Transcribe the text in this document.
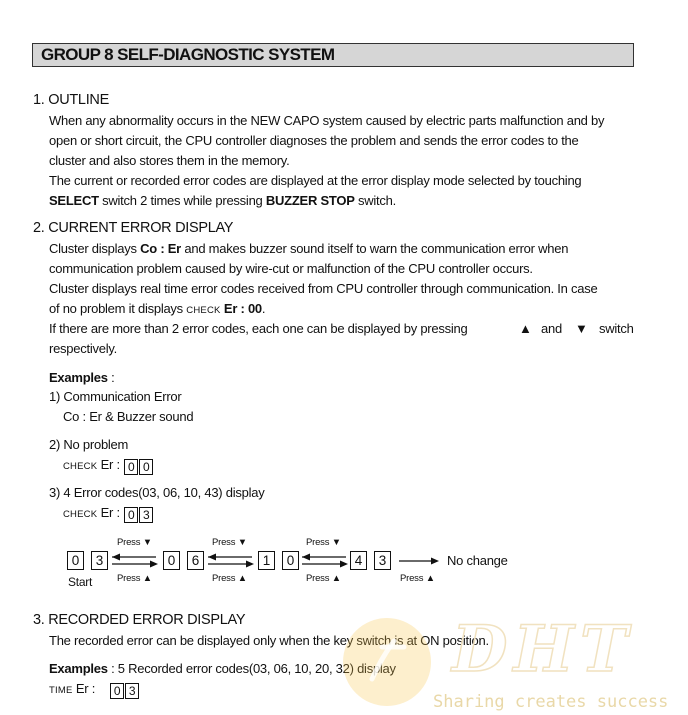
GROUP 8 SELF-DIAGNOSTIC SYSTEM
1. OUTLINE
When any abnormality occurs in the NEW CAPO system caused by electric parts malfunction and by
open or short circuit, the CPU controller diagnoses the problem and sends the error codes to the
cluster and also stores them in the memory.
The current or recorded error codes are displayed at the error display mode selected by touching
SELECT switch 2 times while pressing BUZZER STOP switch.
2. CURRENT ERROR DISPLAY
Cluster displays Co : Er and makes buzzer sound itself to warn the communication error when
communication problem caused by wire-cut or malfunction of the CPU controller occurs.
Cluster displays real time error codes received from CPU controller through communication. In case
of no problem it displays CHECK Er : 00.
If there are more than 2 error codes, each one can be displayed by pressing	▲ and ▼ switch
respectively.
Examples :
1) Communication Error
Co : Er & Buzzer sound
2) No problem
CHECK Er : 0 0
3) 4 Error codes(03, 06, 10, 43) display
CHECK Er : 0 3
0	3	0	6	1	0	4	3
Press ▼	Press ▼	Press ▼
Press ▲	Press ▲	Press ▲	Press ▲
Start
No change
3. RECORDED ERROR DISPLAY
The recorded error can be displayed only when the key switch is at ON position.
Examples : 5 Recorded error codes(03, 06, 10, 20, 32) display
TIME Er : 0 3
DHT
Sharing creates success
